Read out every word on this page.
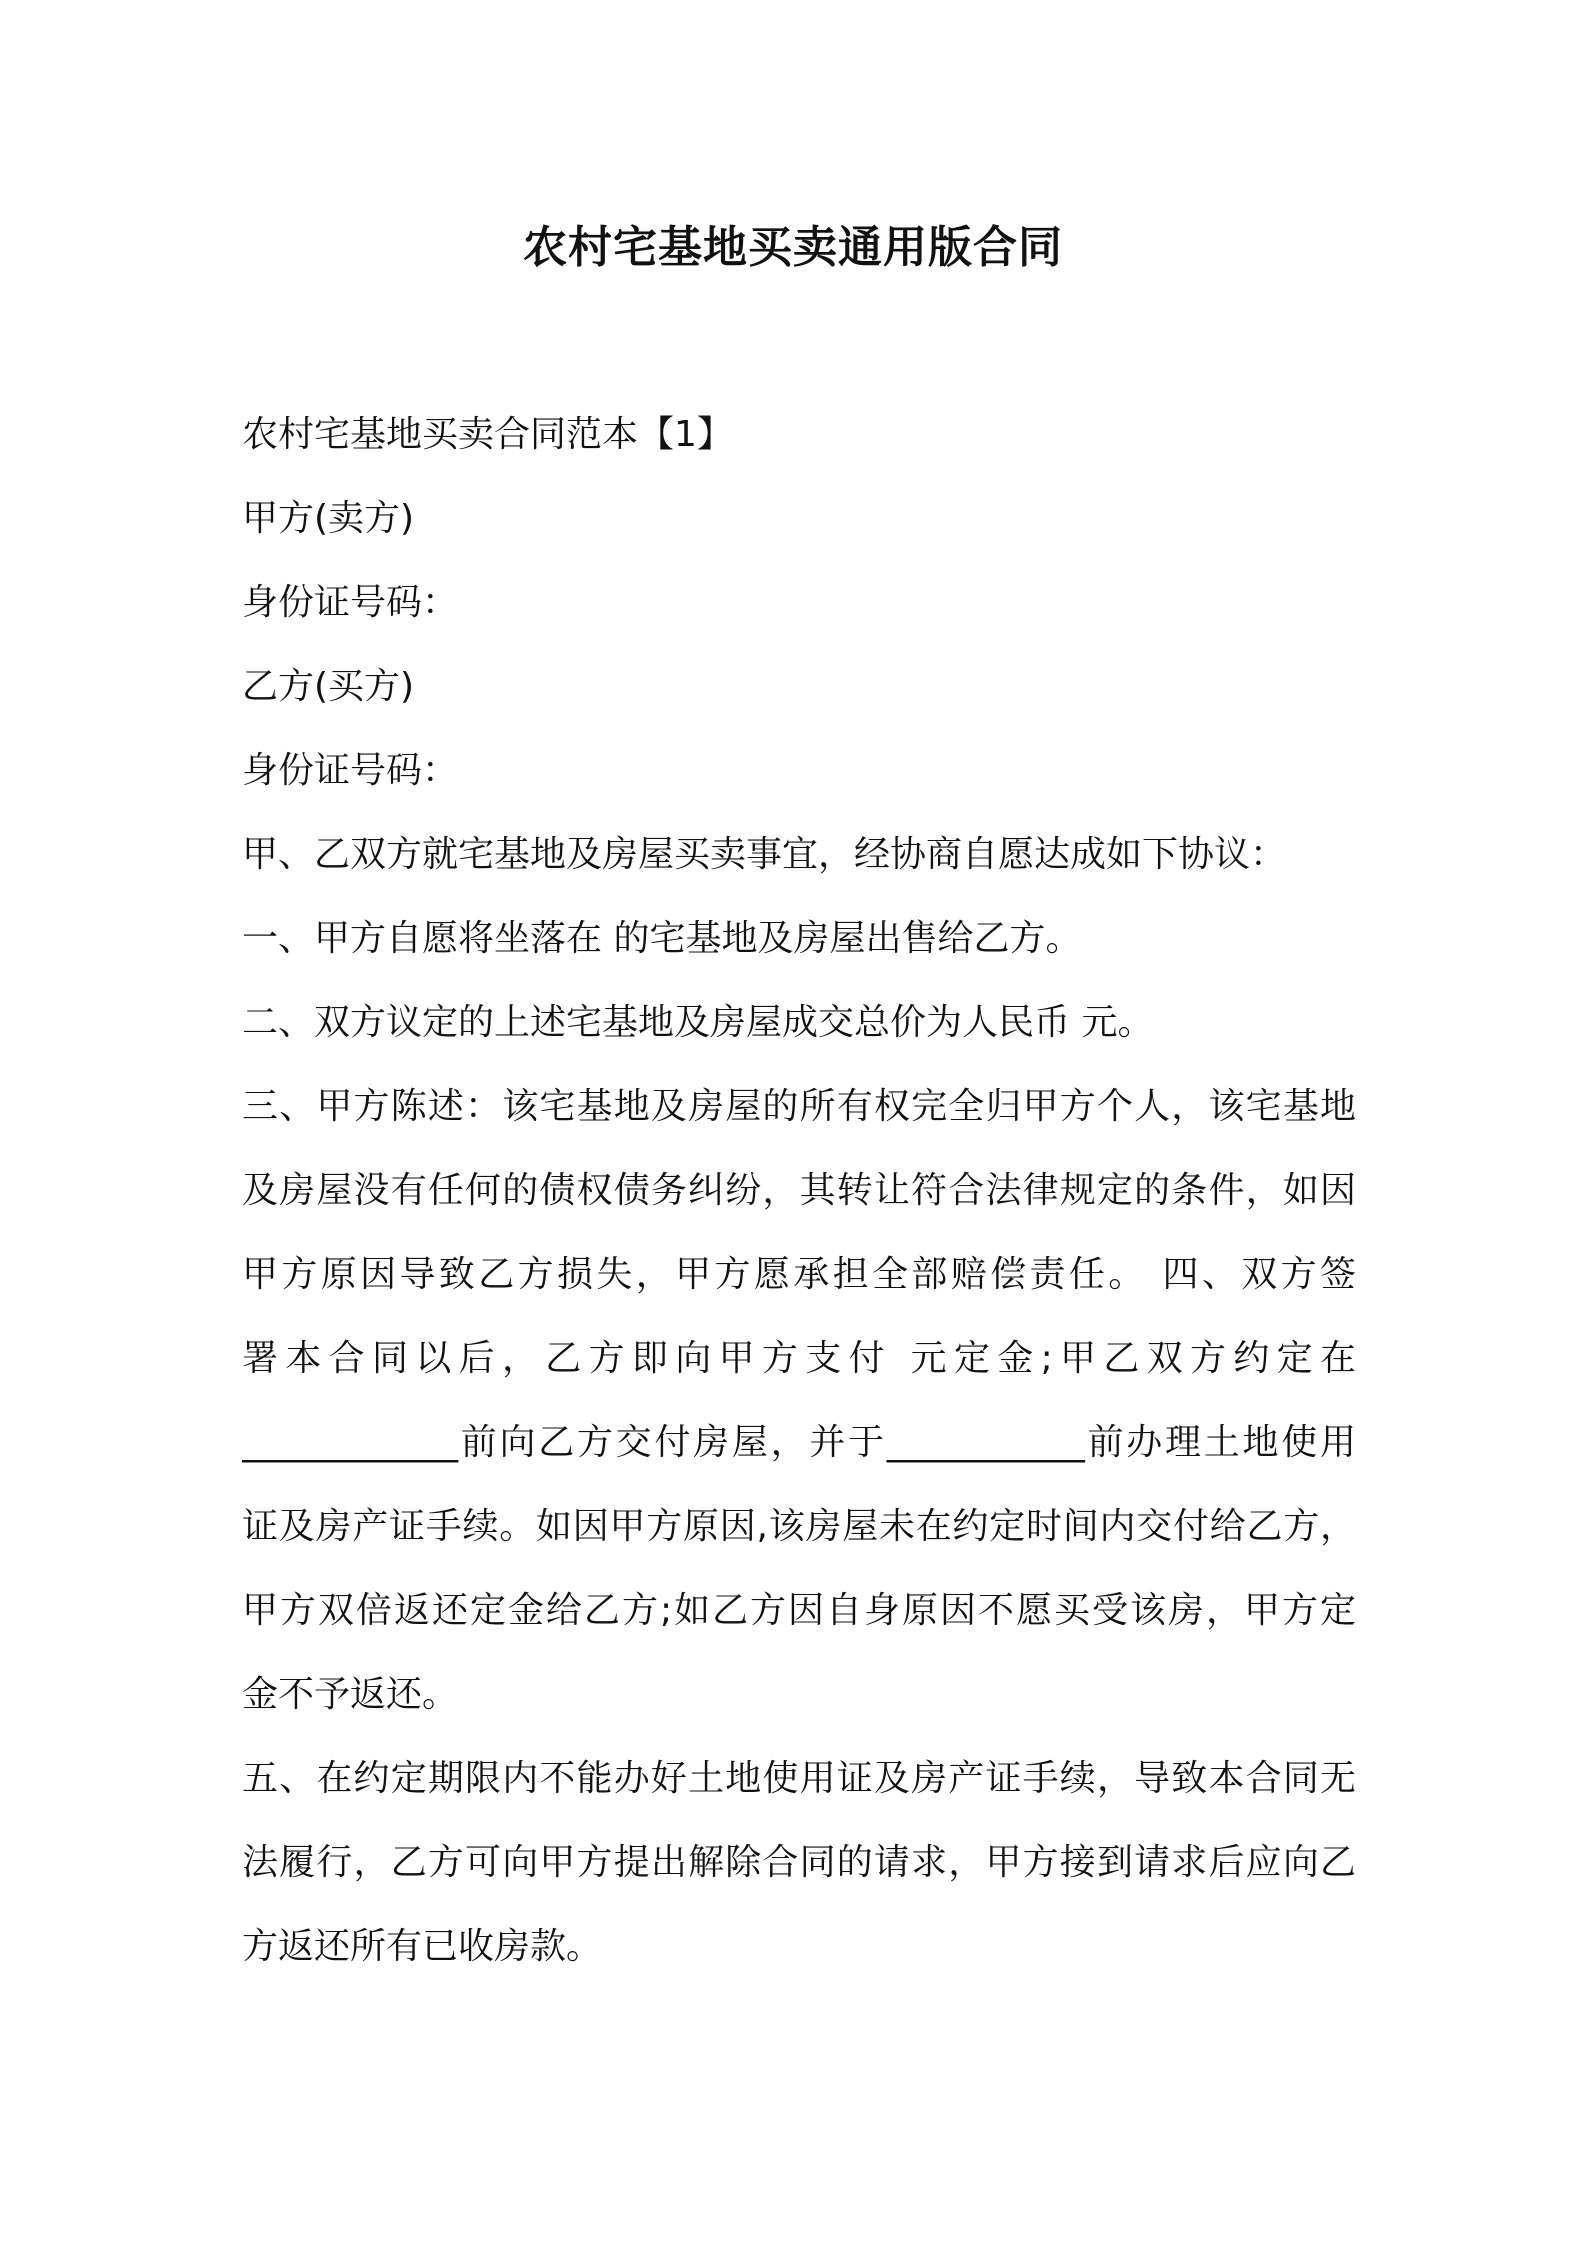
农村宅基地买卖通用版合同
农村宅基地买卖合同范本【1】
甲方(卖方)
身份证号码：
乙方(买方)
身份证号码：
甲、乙双方就宅基地及房屋买卖事宜，经协商自愿达成如下协议：
一、甲方自愿将坐落在 的宅基地及房屋出售给乙方。
二、双方议定的上述宅基地及房屋成交总价为人民币 元。
三、甲方陈述：该宅基地及房屋的所有权完全归甲方个人，该宅基地
及房屋没有任何的债权债务纠纷，其转让符合法律规定的条件，如因
甲方原因导致乙方损失，甲方愿承担全部赔偿责任。 四、双方签
署本合同以后，乙方即向甲方支付 元定金;甲乙双方约定在
____________前向乙方交付房屋，并于___________前办理土地使用
证及房产证手续。如因甲方原因,该房屋未在约定时间内交付给乙方，
甲方双倍返还定金给乙方;如乙方因自身原因不愿买受该房，甲方定
金不予返还。
五、在约定期限内不能办好土地使用证及房产证手续，导致本合同无
法履行，乙方可向甲方提出解除合同的请求，甲方接到请求后应向乙
方返还所有已收房款。
